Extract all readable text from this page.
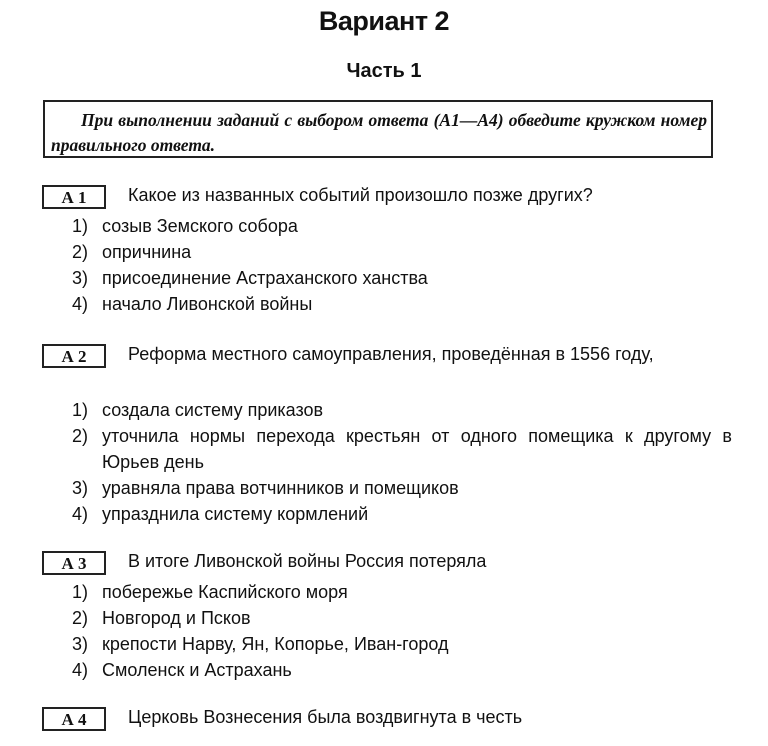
Вариант 2
Часть 1
При выполнении заданий с выбором ответа (А1—А4) обведите кружком номер правильного ответа.
А 1	Какое из названных событий произошло позже других?
1) созыв Земского собора
2) опричнина
3) присоединение Астраханского ханства
4) начало Ливонской войны
А 2	Реформа местного самоуправления, проведённая в 1556 году,
1) создала систему приказов
2) уточнила нормы перехода крестьян от одного помещика к другому в Юрьев день
3) уравняла права вотчинников и помещиков
4) упразднила систему кормлений
А 3	В итоге Ливонской войны Россия потеряла
1) побережье Каспийского моря
2) Новгород и Псков
3) крепости Нарву, Ян, Копорье, Иван-город
4) Смоленск и Астрахань
А 4	Церковь Вознесения была воздвигнута в честь
